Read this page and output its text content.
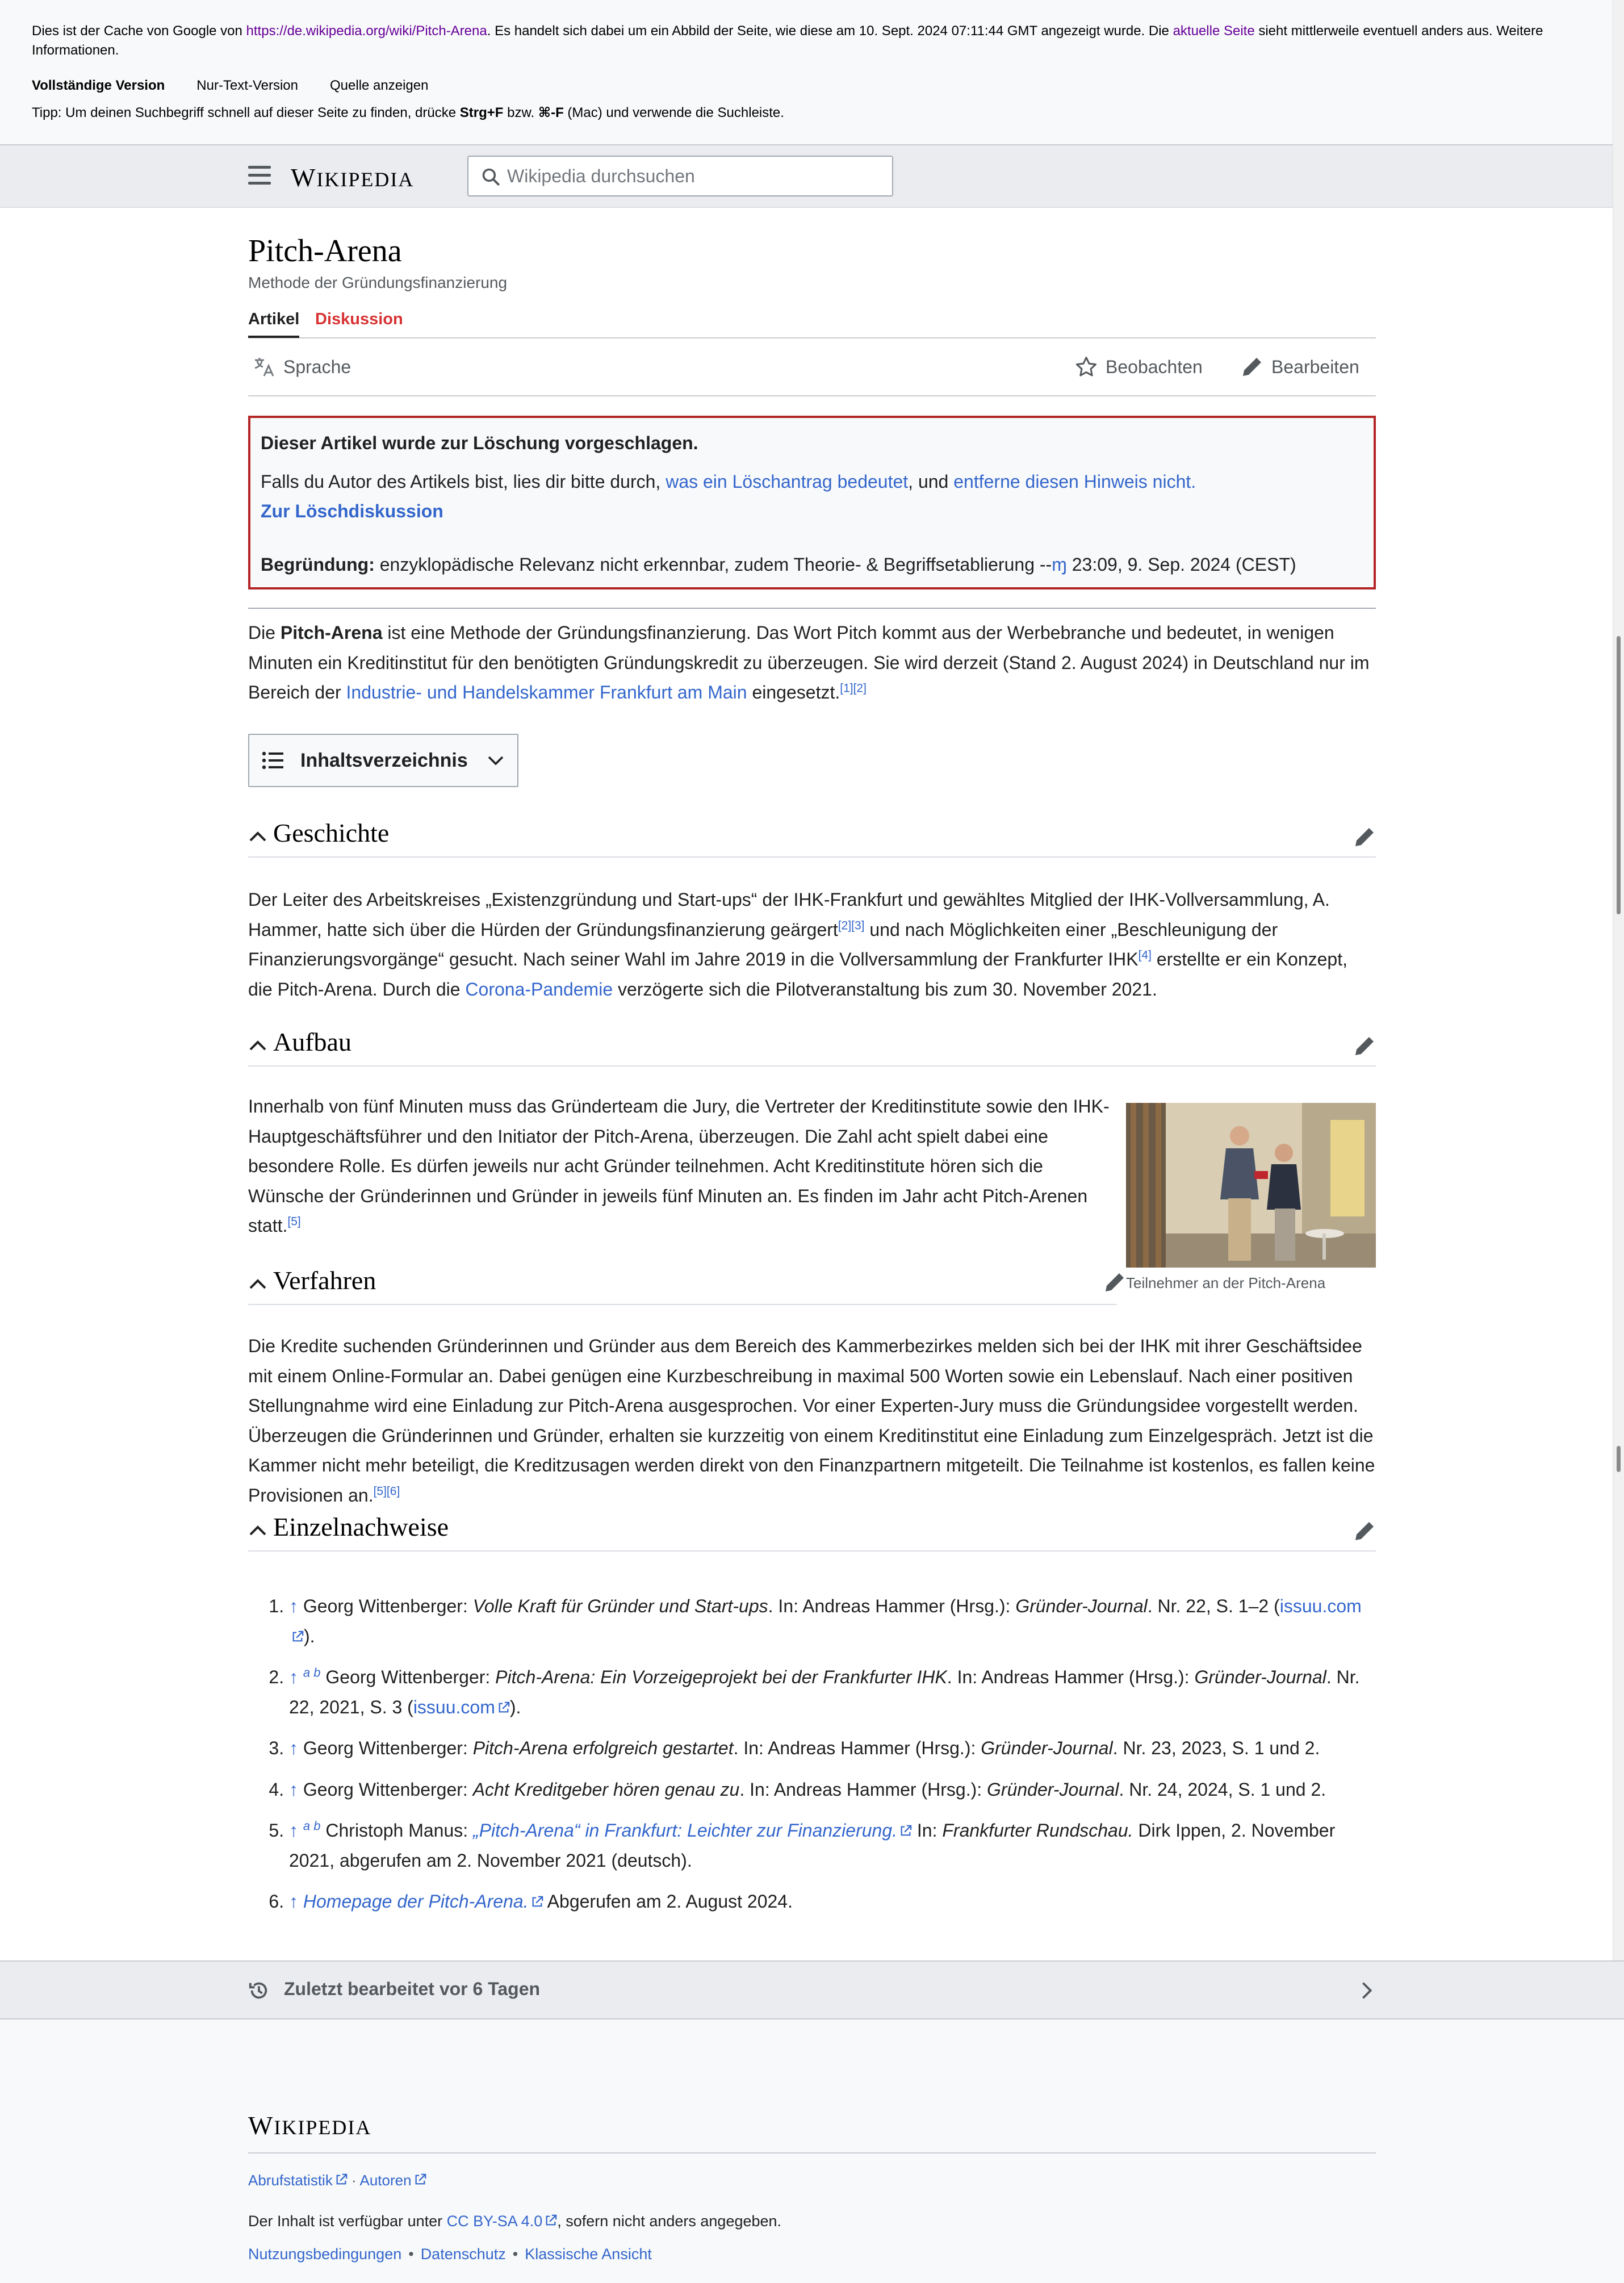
Dies ist der Cache von Google von https://de.wikipedia.org/wiki/Pitch-Arena. Es handelt sich dabei um ein Abbild der Seite, wie diese am 10. Sept. 2024 07:11:44 GMT angezeigt wurde. Die aktuelle Seite sieht mittlerweile eventuell anders aus. Weitere Informationen.
Vollständige Version Nur-Text-Version Quelle anzeigen
Tipp: Um deinen Suchbegriff schnell auf dieser Seite zu finden, drücke Strg+F bzw. ⌘-F (Mac) und verwende die Suchleiste.
WIKIPEDIA
Wikipedia durchsuchen
Pitch-Arena
Methode der Gründungsfinanzierung
Artikel Diskussion
Sprache	Beobachten	Bearbeiten
Dieser Artikel wurde zur Löschung vorgeschlagen.
Falls du Autor des Artikels bist, lies dir bitte durch, was ein Löschantrag bedeutet, und entferne diesen Hinweis nicht.
Zur Löschdiskussion
Begründung: enzyklopädische Relevanz nicht erkennbar, zudem Theorie- & Begriffsetablierung --ɱ 23:09, 9. Sep. 2024 (CEST)
Die Pitch-Arena ist eine Methode der Gründungsfinanzierung. Das Wort Pitch kommt aus der Werbebranche und bedeutet, in wenigen Minuten ein Kreditinstitut für den benötigten Gründungskredit zu überzeugen. Sie wird derzeit (Stand 2. August 2024) in Deutschland nur im Bereich der Industrie- und Handelskammer Frankfurt am Main eingesetzt.[1][2]
Inhaltsverzeichnis
Geschichte
Der Leiter des Arbeitskreises „Existenzgründung und Start-ups“ der IHK-Frankfurt und gewähltes Mitglied der IHK-Vollversammlung, A. Hammer, hatte sich über die Hürden der Gründungsfinanzierung geärgert[2][3] und nach Möglichkeiten einer „Beschleunigung der Finanzierungsvorgänge“ gesucht. Nach seiner Wahl im Jahre 2019 in die Vollversammlung der Frankfurter IHK[4] erstellte er ein Konzept, die Pitch-Arena. Durch die Corona-Pandemie verzögerte sich die Pilotveranstaltung bis zum 30. November 2021.
Aufbau
Innerhalb von fünf Minuten muss das Gründerteam die Jury, die Vertreter der Kreditinstitute sowie den IHK-Hauptgeschäftsführer und den Initiator der Pitch-Arena, überzeugen. Die Zahl acht spielt dabei eine besondere Rolle. Es dürfen jeweils nur acht Gründer teilnehmen. Acht Kreditinstitute hören sich die Wünsche der Gründerinnen und Gründer in jeweils fünf Minuten an. Es finden im Jahr acht Pitch-Arenen statt.[5]
Teilnehmer an der Pitch-Arena
Verfahren
Die Kredite suchenden Gründerinnen und Gründer aus dem Bereich des Kammerbezirkes melden sich bei der IHK mit ihrer Geschäftsidee mit einem Online-Formular an. Dabei genügen eine Kurzbeschreibung in maximal 500 Worten sowie ein Lebenslauf. Nach einer positiven Stellungnahme wird eine Einladung zur Pitch-Arena ausgesprochen. Vor einer Experten-Jury muss die Gründungsidee vorgestellt werden. Überzeugen die Gründerinnen und Gründer, erhalten sie kurzzeitig von einem Kreditinstitut eine Einladung zum Einzelgespräch. Jetzt ist die Kammer nicht mehr beteiligt, die Kreditzusagen werden direkt von den Finanzpartnern mitgeteilt. Die Teilnahme ist kostenlos, es fallen keine Provisionen an.[5][6]
Einzelnachweise
1. ↑ Georg Wittenberger: Volle Kraft für Gründer und Start-ups. In: Andreas Hammer (Hrsg.): Gründer-Journal. Nr. 22, S. 1–2 (issuu.com).
2. ↑ $^{a b}$ Georg Wittenberger: Pitch-Arena: Ein Vorzeigeprojekt bei der Frankfurter IHK. In: Andreas Hammer (Hrsg.): Gründer-Journal. Nr. 22, 2021, S. 3 (issuu.com ).
3. ↑ Georg Wittenberger: Pitch-Arena erfolgreich gestartet. In: Andreas Hammer (Hrsg.): Gründer-Journal. Nr. 23, 2023, S. 1 und 2.
4. ↑ Georg Wittenberger: Acht Kreditgeber hören genau zu. In: Andreas Hammer (Hrsg.): Gründer-Journal. Nr. 24, 2024, S. 1 und 2.
5. ↑ $^{a b}$ Christoph Manus: „Pitch-Arena“ in Frankfurt: Leichter zur Finanzierung. In: Frankfurter Rundschau. Dirk Ippen, 2. November 2021, abgerufen am 2. November 2021 (deutsch).
6. ↑ Homepage der Pitch-Arena. Abgerufen am 2. August 2024.
Zuletzt bearbeitet vor 6 Tagen
WIKIPEDIA
Abrufstatistik · Autoren
Der Inhalt ist verfügbar unter CC BY-SA 4.0 , sofern nicht anders angegeben.
Nutzungsbedingungen • Datenschutz • Klassische Ansicht
